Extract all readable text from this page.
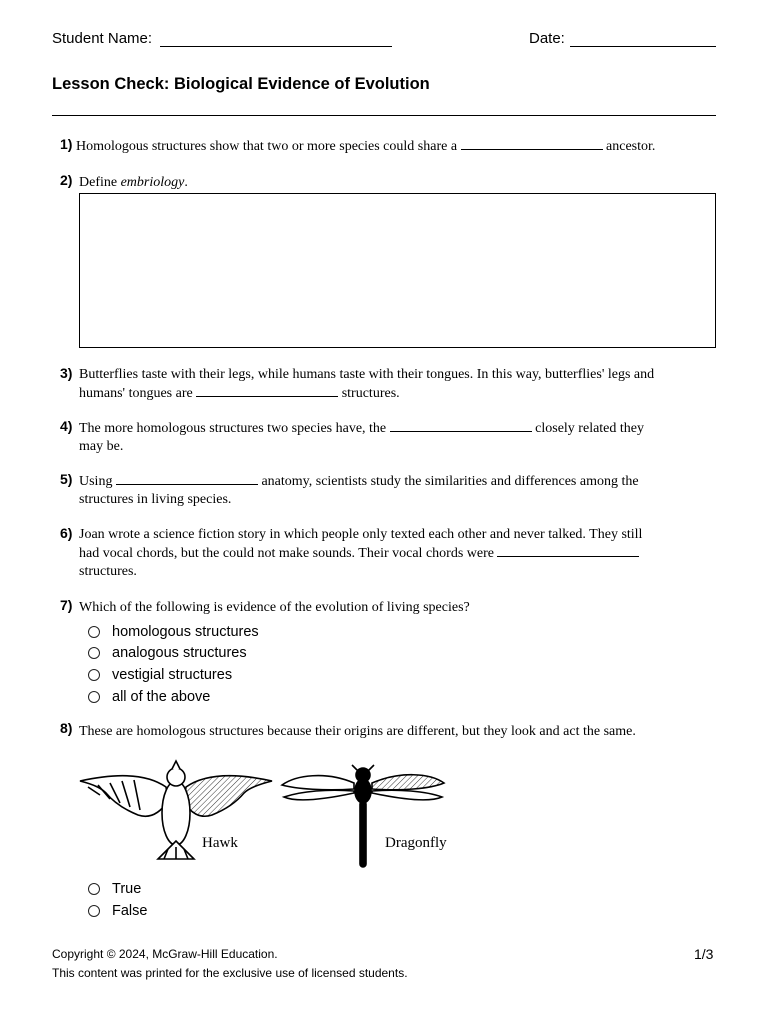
Student Name:	Date:
Lesson Check: Biological Evidence of Evolution
1) Homologous structures show that two or more species could share a	ancestor.
2) Define embriology.
3) Butterflies taste with their legs, while humans taste with their tongues. In this way, butterflies' legs and
humans' tongues are	structures.
4) The more homologous structures two species have, the	closely related they
may be.
5) Using	anatomy, scientists study the similarities and differences among the
structures in living species.
6) Joan wrote a science fiction story in which people only texted each other and never talked. They still
had vocal chords, but the could not make sounds. Their vocal chords were
structures.
7) Which of the following is evidence of the evolution of living species?
homologous structures
analogous structures
vestigial structures
all of the above
8) These are homologous structures because their origins are different, but they look and act the same.
Hawk	Dragonfly
True
False
Copyright © 2024, McGraw-Hill Education.
This content was printed for the exclusive use of licensed students.
1/3
